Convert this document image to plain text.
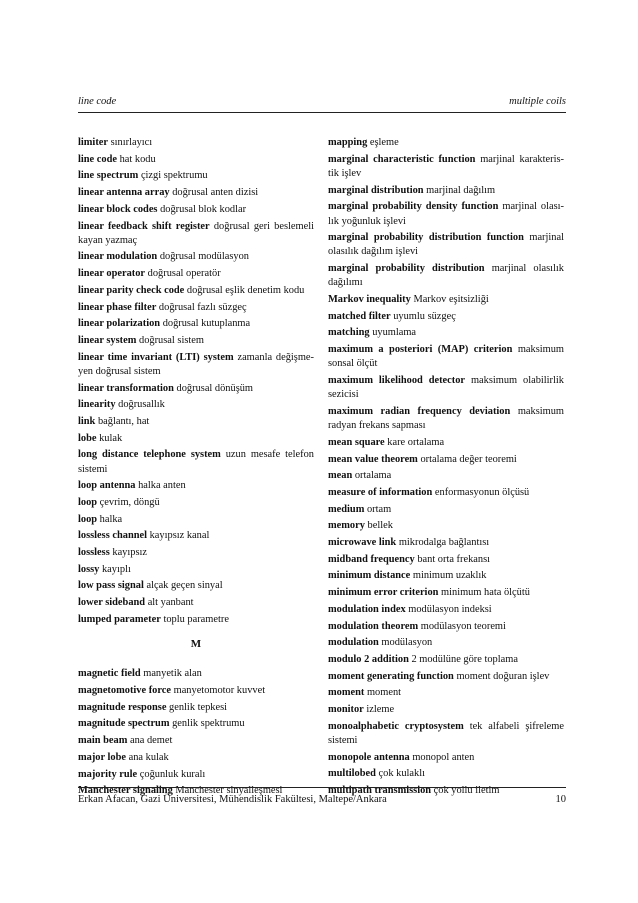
line code	multiple coils
limiter sınırlayıcı
line code hat kodu
line spectrum çizgi spektrumu
linear antenna array doğrusal anten dizisi
linear block codes doğrusal blok kodlar
linear feedback shift register doğrusal geri beslemeli kayan yazmaç
linear modulation doğrusal modülasyon
linear operator doğrusal operatör
linear parity check code doğrusal eşlik denetim kodu
linear phase filter doğrusal fazlı süzgeç
linear polarization doğrusal kutuplanma
linear system doğrusal sistem
linear time invariant (LTI) system zamanla değişme-yen doğrusal sistem
linear transformation doğrusal dönüşüm
linearity doğrusallık
link bağlantı, hat
lobe kulak
long distance telephone system uzun mesafe telefon sistemi
loop antenna halka anten
loop çevrim, döngü
loop halka
lossless channel kayıpsız kanal
lossless kayıpsız
lossy kayıplı
low pass signal alçak geçen sinyal
lower sideband alt yanbant
lumped parameter toplu parametre
M
magnetic field manyetik alan
magnetomotive force manyetomotor kuvvet
magnitude response genlik tepkesi
magnitude spectrum genlik spektrumu
main beam ana demet
major lobe ana kulak
majority rule çoğunluk kuralı
Manchester signaling Manchester sinyalleşmesi
mapping eşleme
marginal characteristic function marjinal karakteris-tik işlev
marginal distribution marjinal dağılım
marginal probability density function marjinal olası-lık yoğunluk işlevi
marginal probability distribution function marjinal olasılık dağılım işlevi
marginal probability distribution marjinal olasılık dağılımı
Markov inequality Markov eşitsizliği
matched filter uyumlu süzgeç
matching uyumlama
maximum a posteriori (MAP) criterion maksimum sonsal ölçüt
maximum likelihood detector maksimum olabilirlik sezicisi
maximum radian frequency deviation maksimum radyan frekans sapması
mean square kare ortalama
mean value theorem ortalama değer teoremi
mean ortalama
measure of information enformasyonun ölçüsü
medium ortam
memory bellek
microwave link mikrodalga bağlantısı
midband frequency bant orta frekansı
minimum distance minimum uzaklık
minimum error criterion minimum hata ölçütü
modulation index modülasyon indeksi
modulation theorem modülasyon teoremi
modulation modülasyon
modulo 2 addition 2 modülüne göre toplama
moment generating function moment doğuran işlev
moment moment
monitor izleme
monoalphabetic cryptosystem tek alfabeli şifreleme sistemi
monopole antenna monopol anten
multilobed çok kulaklı
multipath transmission çok yollu iletim
Erkan Afacan, Gazi Üniversitesi, Mühendislik Fakültesi, Maltepe/Ankara	10
